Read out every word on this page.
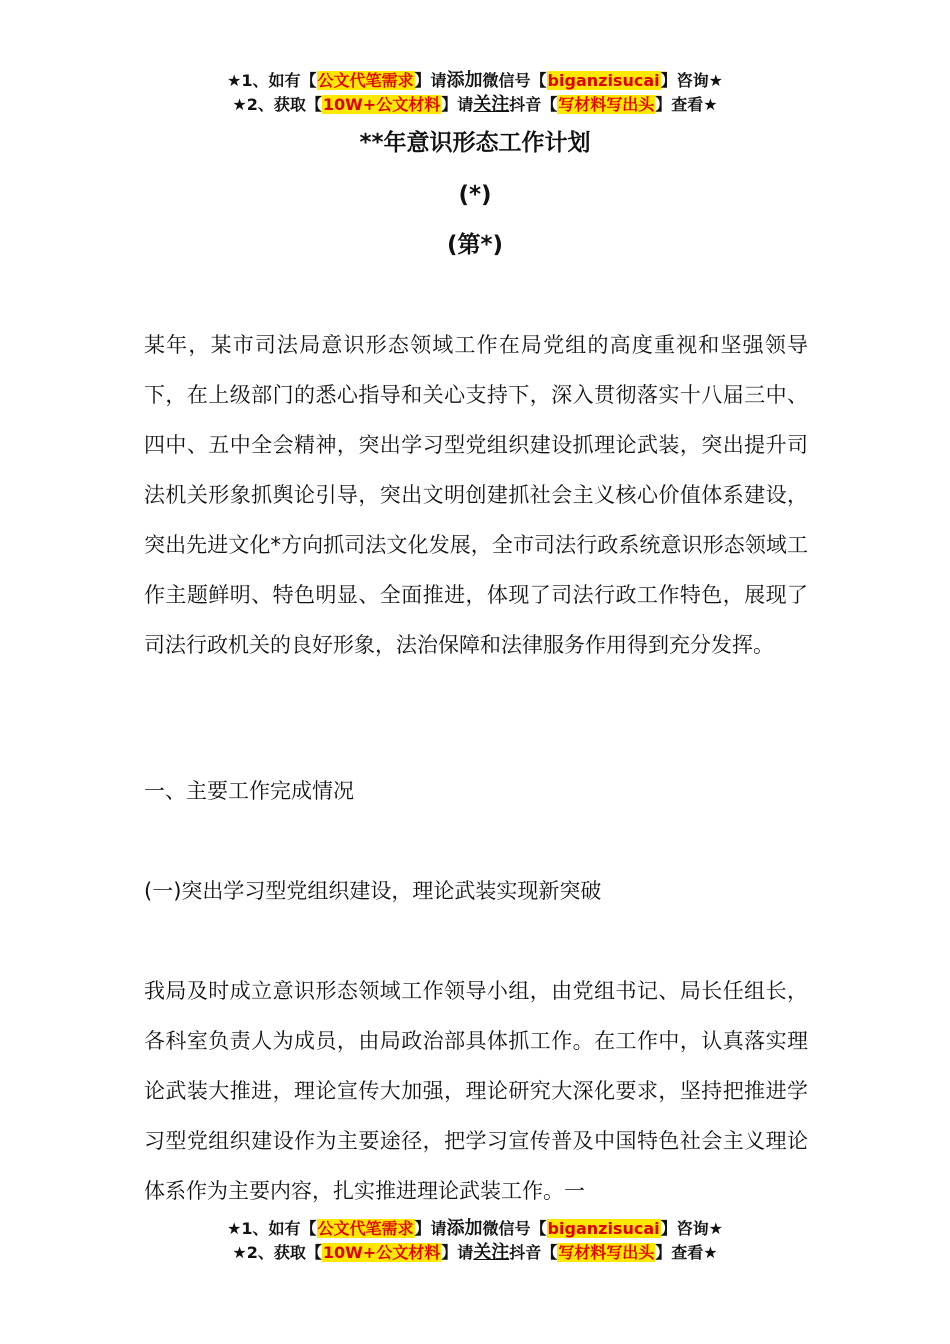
★1、如有【公文代笔需求】请添加微信号【biganzisucai】咨询★
★2、获取【10W+公文材料】请关注抖音【写材料写出头】查看★
**年意识形态工作计划
(*)
(第*)

某年，某市司法局意识形态领域工作在局党组的高度重视和坚强领导下，在上级部门的悉心指导和关心支持下，深入贯彻落实十八届三中、四中、五中全会精神，突出学习型党组织建设抓理论武装，突出提升司法机关形象抓舆论引导，突出文明创建抓社会主义核心价值体系建设，突出先进文化*方向抓司法文化发展，全市司法行政系统意识形态领域工作主题鲜明、特色明显、全面推进，体现了司法行政工作特色，展现了司法行政机关的良好形象，法治保障和法律服务作用得到充分发挥。

一、主要工作完成情况

(一)突出学习型党组织建设，理论武装实现新突破

我局及时成立意识形态领域工作领导小组，由党组书记、局长任组长，各科室负责人为成员，由局政治部具体抓工作。在工作中，认真落实理论武装大推进，理论宣传大加强，理论研究大深化要求，坚持把推进学习型党组织建设作为主要途径，把学习宣传普及中国特色社会主义理论体系作为主要内容，扎实推进理论武装工作。一

★1、如有【公文代笔需求】请添加微信号【biganzisucai】咨询★
★2、获取【10W+公文材料】请关注抖音【写材料写出头】查看★
